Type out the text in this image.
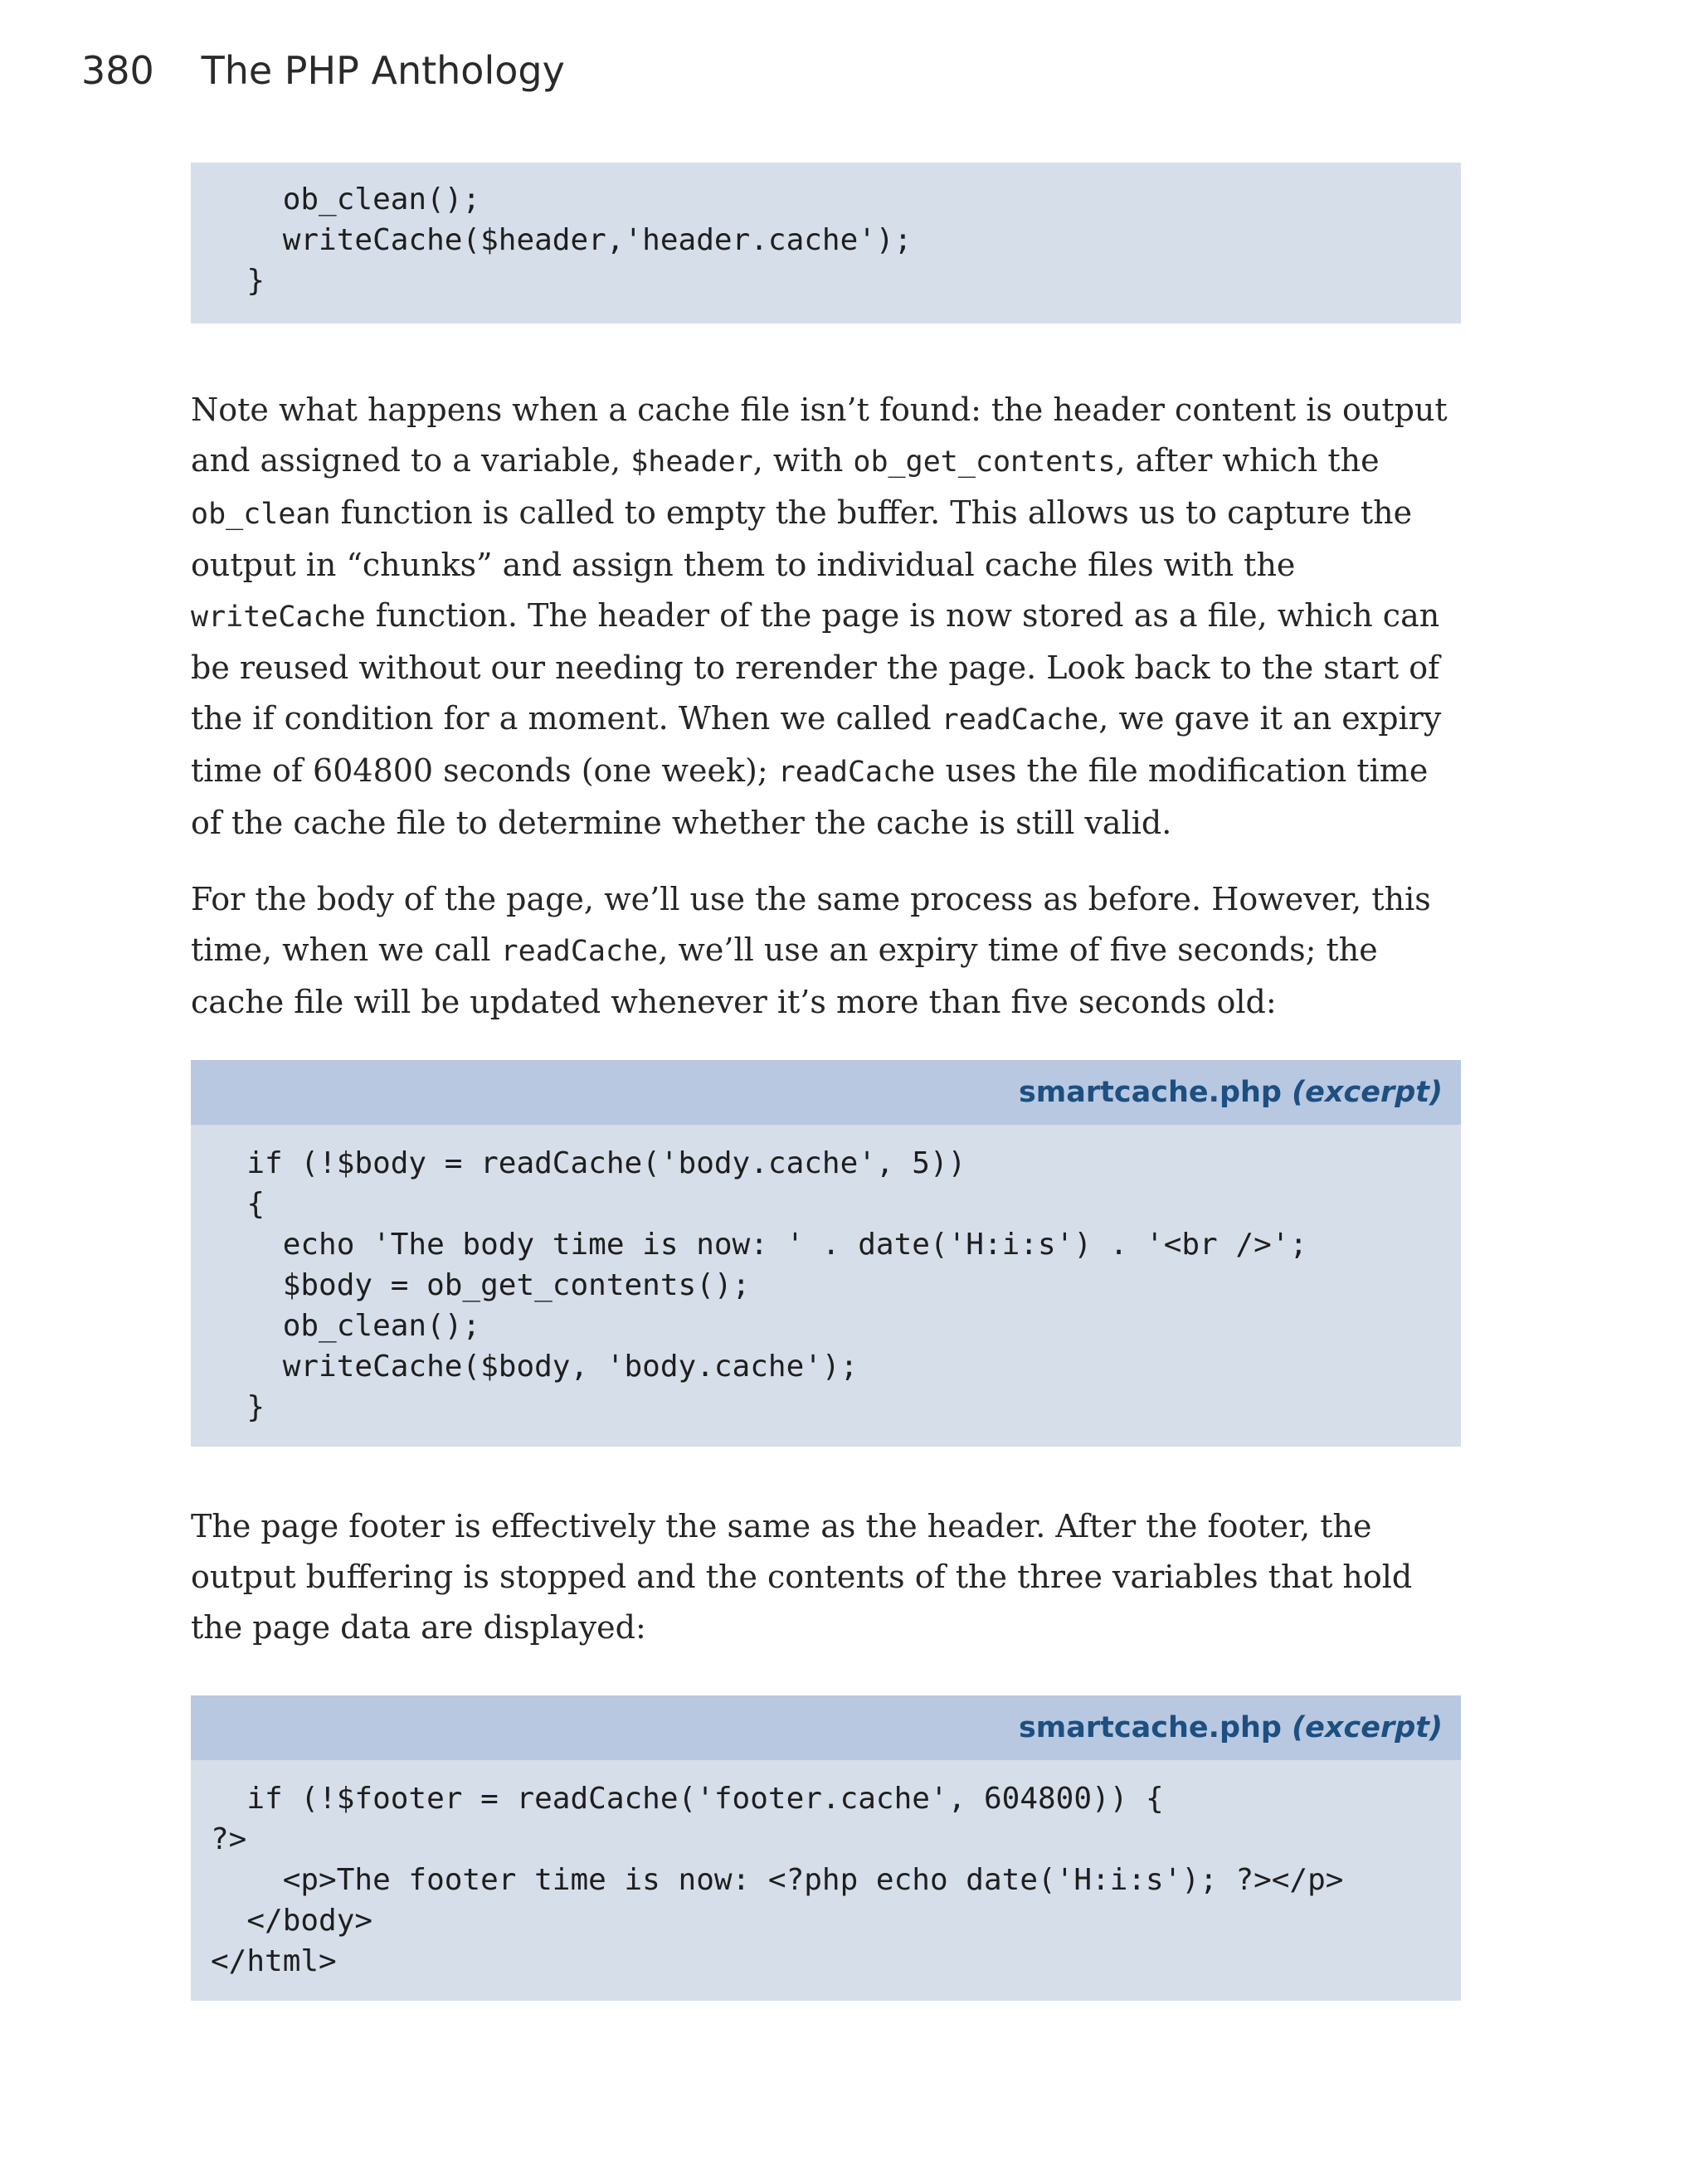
380 The PHP Anthology
ob_clean();
writeCache($header,'header.cache');
}

Note what happens when a cache file isn’t found: the header content is output and assigned to a variable, $header, with ob_get_contents, after which the ob_clean function is called to empty the buffer. This allows us to capture the output in “chunks” and assign them to individual cache files with the writeCache function. The header of the page is now stored as a file, which can be reused without our needing to rerender the page. Look back to the start of the if condition for a moment. When we called readCache, we gave it an expiry time of 604800 seconds (one week); readCache uses the file modification time of the cache file to determine whether the cache is still valid.

For the body of the page, we’ll use the same process as before. However, this time, when we call readCache, we’ll use an expiry time of five seconds; the cache file will be updated whenever it’s more than five seconds old:

smartcache.php (excerpt)
if (!$body = readCache('body.cache', 5))
{
echo 'The body time is now: ' . date('H:i:s') . '<br />';
$body = ob_get_contents();
ob_clean();
writeCache($body, 'body.cache');
}

The page footer is effectively the same as the header. After the footer, the output buffering is stopped and the contents of the three variables that hold the page data are displayed:

smartcache.php (excerpt)
if (!$footer = readCache('footer.cache', 604800)) {
?>
<p>The footer time is now: <?php echo date('H:i:s'); ?></p>
</body>
</html>
